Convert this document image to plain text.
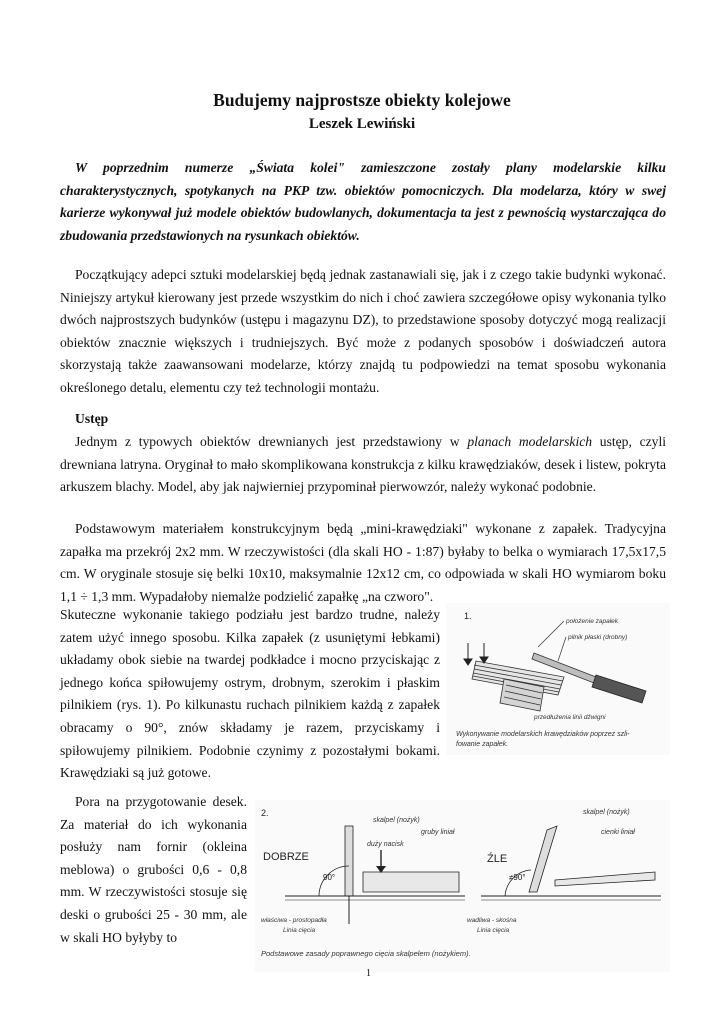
Budujemy najprostsze obiekty kolejowe
Leszek Lewiński

W poprzednim numerze „Świata kolei" zamieszczone zostały plany modelarskie kilku charakterystycznych, spotykanych na PKP tzw. obiektów pomocniczych. Dla modelarza, który w swej karierze wykonywał już modele obiektów budowlanych, dokumentacja ta jest z pewnością wystarczająca do zbudowania przedstawionych na rysunkach obiektów.

Początkujący adepci sztuki modelarskiej będą jednak zastanawiali się, jak i z czego takie budynki wykonać. Niniejszy artykuł kierowany jest przede wszystkim do nich i choć zawiera szczegółowe opisy wykonania tylko dwóch najprostszych budynków (ustępu i magazynu DZ), to przedstawione sposoby dotyczyć mogą realizacji obiektów znacznie większych i trudniejszych. Być może z podanych sposobów i doświadczeń autora skorzystają także zaawansowani modelarze, którzy znajdą tu podpowiedzi na temat sposobu wykonania określonego detalu, elementu czy też technologii montażu.

Ustęp

Jednym z typowych obiektów drewnianych jest przedstawiony w planach modelarskich ustęp, czyli drewniana latryna. Oryginał to mało skomplikowana konstrukcja z kilku krawędziaków, desek i listew, pokryta arkuszem blachy. Model, aby jak najwierniej przypominał pierwowzór, należy wykonać podobnie.

Podstawowym materiałem konstrukcyjnym będą „mini-krawędziaki" wykonane z zapałek. Tradycyjna zapałka ma przekrój 2x2 mm. W rzeczywistości (dla skali HO - 1:87) byłaby to belka o wymiarach 17,5x17,5 cm. W oryginale stosuje się belki 10x10, maksymalnie 12x12 cm, co odpowiada w skali HO wymiarom boku 1,1 ÷ 1,3 mm. Wypadałoby niemalże podzielić zapałkę „na czworo".

Skuteczne wykonanie takiego podziału jest bardzo trudne, należy zatem użyć innego sposobu. Kilka zapałek (z usuniętymi łebkami) układamy obok siebie na twardej podkładce i mocno przyciskając z jednego końca spiłowujemy ostrym, drobnym, szerokim i płaskim pilnikiem (rys. 1). Po kilkunastu ruchach pilnikiem każdą z zapałek obracamy o 90°, znów składamy je razem, przyciskamy i spiłowujemy pilnikiem. Podobnie czynimy z pozostałymi bokami. Krawędziaki są już gotowe.

Pora na przygotowanie desek. Za materiał do ich wykonania posłuży nam fornir (okleina meblowa) o grubości 0,6 - 0,8 mm. W rzeczywistości stosuje się deski o grubości 25 - 30 mm, ale w skali HO byłyby to

1.
położenie zapałek
pilnik płaski (drobny)
przedłużenia linii dźwigni
Wykonywanie modelarskich krawędziaków poprzez szli-
fowanie zapałek.
2.
DOBRZE
skalpel (nożyk)
gruby liniał
duży nacisk
90°
właściwa - prostopadła
Linia cięcia
ŹLE
skalpel (nożyk)
cienki liniał
≠90°
wadliwa - skośna
Linia cięcia
Podstawowe zasady poprawnego cięcia skalpelem (nożykiem).
1
